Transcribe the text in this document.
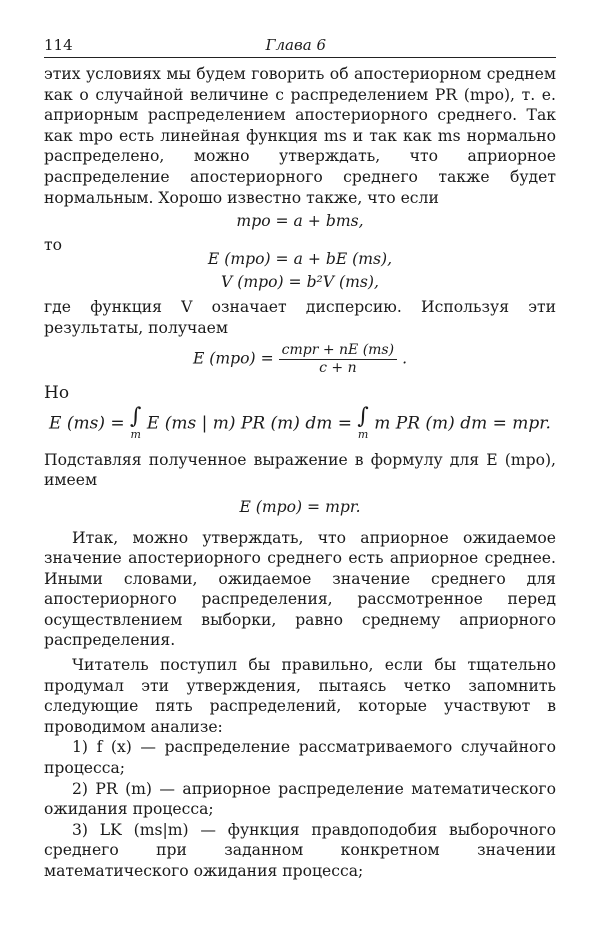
114	Глава 6

этих условиях мы будем говорить об апостериорном среднем как о случайной величине с распределением PR (mpo), т. е. априорным распределением апостериорного среднего. Так как mpo есть линейная функция ms и так как ms нормально распределено, можно утверждать, что априорное распределение апостериорного среднего также будет нормальным. Хорошо известно также, что если

mpo = a + bms,
то
E (mpo) = a + bE (ms),
V (mpo) = b²V (ms),

где функция V означает дисперсию. Используя эти результаты, получаем

E $(mpo) = \frac{\text{cmpr + nE (ms)}}{c + n}$ .

Но

E (ms) = ∫
m
E (ms | m) PR (m) dm = ∫
m
m PR (m) dm = mpr.

Подставляя полученное выражение в формулу для E (mpo), имеем

E (mpo) = mpr.

Итак, можно утверждать, что априорное ожидаемое значение апостериорного среднего есть априорное среднее. Иными словами, ожидаемое значение среднего для апостериорного распределения, рассмотренное перед осуществлением выборки, равно среднему априорного распределения.

Читатель поступил бы правильно, если бы тщательно продумал эти утверждения, пытаясь четко запомнить следующие пять распределений, которые участвуют в проводимом анализе:

1) f (x) — распределение рассматриваемого случайного процесса;

2) PR (m) — априорное распределение математического ожидания процесса;

3) LK (ms|m) — функция правдоподобия выборочного среднего при заданном конкретном значении математического ожидания процесса;
